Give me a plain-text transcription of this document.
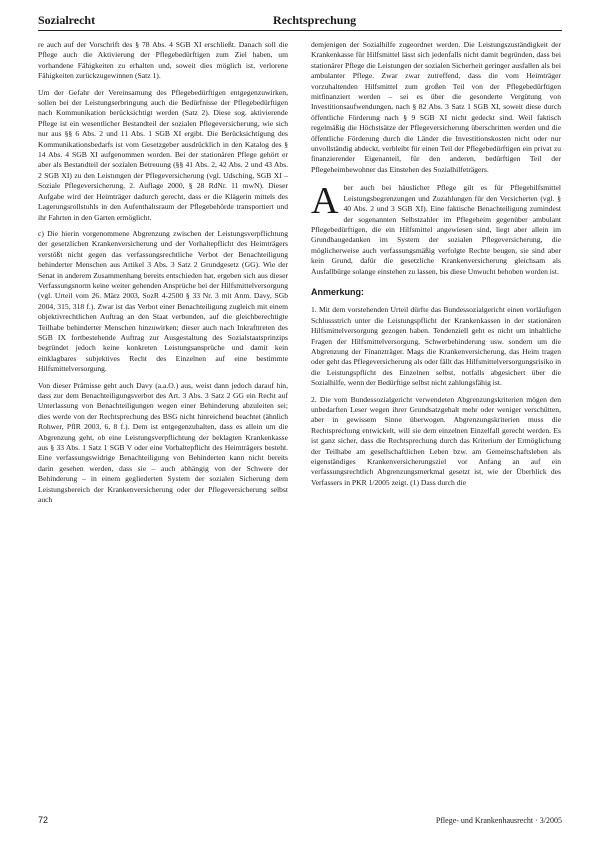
Sozialrecht	Rechtsprechung

re auch auf der Vorschrift des § 78 Abs. 4 SGB XI erschließt. Danach soll die Pflege auch die Aktivierung der Pflegebedürftigen zum Ziel haben, um vorhandene Fähigkeiten zu erhalten und, soweit dies möglich ist, verlorene Fähigkeiten zurückzugewinnen (Satz 1).

Um der Gefahr der Vereinsamung des Pflegebedürftigen entgegenzuwirken, sollen bei der Leistungserbringung auch die Bedürfnisse der Pflegebedürftigen nach Kommunikation berücksichtigt werden (Satz 2). Diese sog. aktivierende Pflege ist ein wesentlicher Bestandteil der sozialen Pflegeversicherung, wie sich nur aus §§ 6 Abs. 2 und 11 Abs. 1 SGB XI ergibt. Die Berücksichtigung des Kommunikationsbedarfs ist vom Gesetzgeber ausdrücklich in den Katalog des § 14 Abs. 4 SGB XI aufgenommen worden. Bei der stationären Pflege gehört er aber als Bestandteil der sozialen Betreuung (§§ 41 Abs. 2, 42 Abs. 2 und 43 Abs. 2 SGB XI) zu den Leistungen der Pflegeversicherung (vgl. Udsching, SGB XI – Soziale Pflegeversicherung, 2. Auflage 2000, § 28 RdNr. 11 mwN). Dieser Aufgabe wird der Heimträger dadurch gerecht, dass er die Klägerin mittels des Lagerungsrollstuhls in den Aufenthaltsraum der Pflegebehörde transportiert und ihr Fahrten in den Garten ermöglicht.

c) Die hierin vorgenommene Abgrenzung zwischen der Leistungsverpflichtung der gesetzlichen Krankenversicherung und der Vorhaltepflicht des Heimträgers verstößt nicht gegen das verfassungsrechtliche Verbot der Benachteiligung behinderter Menschen aus Artikel 3 Abs. 3 Satz 2 Grundgesetz (GG). Wie der Senat in anderem Zusammenhang bereits entschieden hat, ergeben sich aus dieser Verfassungsnorm keine weiter gehenden Ansprüche bei der Hilfsmittelversorgung (vgl. Urteil vom 26. März 2003, SozR 4-2500 § 33 Nr. 3 mit Anm. Davy, SGb 2004, 315, 318 f.). Zwar ist das Verbot einer Benachteiligung zugleich mit einem objektivrechtlichen Auftrag an den Staat verbunden, auf die gleichberechtigte Teilhabe behinderter Menschen hinzuwirken; dieser auch nach Inkrafttreten des SGB IX fortbestehende Auftrag zur Ausgestaltung des Sozialstaatsprinzips begründet jedoch keine konkreten Leistungsansprüche und damit kein einklagbares subjektives Recht des Einzelnen auf eine bestimmte Hilfsmittelversorgung.

Von dieser Prämisse geht auch Davy (a.a.O.) aus, weist dann jedoch darauf hin, dass zur dem Benachteiligungsverbot des Art. 3 Abs. 3 Satz 2 GG ein Recht auf Unterlassung von Benachteiligungen wegen einer Behinderung abzuleiten sei; dies werde von der Rechtsprechung des BSG nicht hinreichend beachtet (ähnlich Rohwer, PflR 2003, 6, 8 f.). Dem ist entgegenzuhalten, dass es allein um die Abgrenzung geht, ob eine Leistungsverpflichtung der beklagten Krankenkasse aus § 33 Abs. 1 Satz 1 SGB V oder eine Vorhaltepflicht des Heimträgers besteht. Eine verfassungswidrige Benachteiligung von Behinderten kann nicht bereits darin gesehen werden, dass sie – auch abhängig von der Schwere der Behinderung – in einem gegliederten System der sozialen Sicherung dem Leistungsbereich der Krankenversicherung oder der Pflegeversicherung selbst auch

demjenigen der Sozialhilfe zugeordnet werden. Die Leistungszuständigkeit der Krankenkasse für Hilfsmittel lässt sich jedenfalls nicht damit begründen, dass bei stationärer Pflege die Leistungen der sozialen Sicherheit geringer ausfallen als bei ambulanter Pflege. Zwar zwar zutreffend, dass die vom Heimträger vorzuhaltenden Hilfsmittel zum großen Teil von der Pflegebedürftigen mitfinanziert werden – sei es über die gesonderte Vergütung von Investitionsaufwendungen, nach § 82 Abs. 3 Satz 1 SGB XI, soweit diese durch öffentliche Förderung nach § 9 SGB XI nicht gedeckt sind. Weil faktisch regelmäßig die Höchstsätze der Pflegeversicherung überschritten werden und die öffentliche Förderung durch die Länder die Investitionskosten nicht oder nur unvollständig abdeckt, verbleibt für einen Teil der Pflegebedürftigen ein privat zu finanzierender Eigenanteil, für den anderen, bedürftigen Teil der Pflegeheimbewohner das Einstehen des Sozialhilfeträgers.

A ber auch bei häuslicher Pflege gilt es für Pflegehilfsmittel Leistungsbegrenzungen und Zuzahlungen für den Versicherten (vgl. § 40 Abs. 2 und 3 SGB XI). Eine faktische Benachteiligung zumindest der sogenannten Selbstzahler im Pflegeheim gegenüber ambulant Pflegebedürftigen, die ein Hilfsmittel angewiesen sind, liegt aber allein im Grundbaugedanken im System der sozialen Pflegeversicherung, die möglicherweise auch verfassungsmäßig verfolgte Rechte beugen, sie sind aber kein Grund, dafür die gesetzliche Krankenversicherung gleichsam als Ausfallbürge solange einstehen zu lassen, bis diese Unwucht behoben worden ist.

Anmerkung:

1. Mit dem vorstehenden Urteil dürfte das Bundessozialgericht einen vorläufigen Schlussstrich unter die Leistungspflicht der Krankenkassen in der stationären Hilfsmittelversorgung gezogen haben. Tendenziell geht es nicht um inhaltliche Fragen der Hilfsmittelversorgung, Schwerbehinderung usw. sondern um die Abgrenzung der Finanzträger. Mags die Krankenversicherung, das Heim tragen oder geht das Pflegeversicherung als oder fällt das Hilfsmittelversorgungsrisiko in die Leistungspflicht des Einzelnen selbst, notfalls abgesichert über die Sozialhilfe, wenn der Bedürftige selbst nicht zahlungsfähig ist.

2. Die vom Bundessozialgericht verwendeten Abgrenzungskriterien mögen den unbedarften Leser wegen ihrer Grundsatzgehalt mehr oder weniger verschütten, aber in gewissem Sinne überwogen. Abgrenzungskriterien muss die Rechtsprechung entwickelt, will sie dem einzelnen Einzelfall gerecht werden. Es ist ganz sicher, dass die Rechtsprechung durch das Kriterium der Ermöglichung der Teilhabe am gesellschaftlichen Leben bzw. am Gemeinschaftsleben als eigenständiges Krankenversicherungsziel vor Anfang an auf ein verfassungsrechtlich Abgrenzungsmerkmal gesetzt ist, wie der Überblick des Verfassers in PKR 1/2005 zeigt. (1) Dass durch die

72	Pflege- und Krankenhausrecht · 3/2005
